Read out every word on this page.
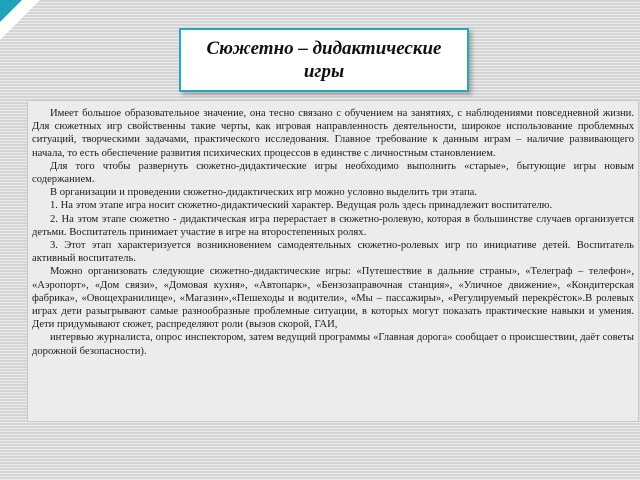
Сюжетно – дидактические
игры

Имеет большое образовательное значение, она тесно связано с обучением на занятиях, с наблюдениями повседневной жизни. Для сюжетных игр свойственны такие черты, как игровая направленность деятельности, широкое использование проблемных ситуаций, творческими задачами, практического исследования. Главное требование к данным играм – наличие развивающего начала, то есть обеспечение развития психических процессов в единстве с личностным становлением.

Для того чтобы развернуть сюжетно-дидактические игры необходимо выполнить «старые», бытующие игры новым содержанием.

В организации и проведении сюжетно-дидактических игр можно условно выделить три этапа.

1. На этом этапе игра носит сюжетно-дидактический характер. Ведущая роль здесь принадлежит воспитателю.

2. На этом этапе сюжетно - дидактическая игра перерастает в сюжетно-ролевую, которая в большинстве случаев организуется детьми. Воспитатель принимает участие в игре на второстепенных ролях.

3. Этот этап характеризуется возникновением самодеятельных сюжетно-ролевых игр по инициативе детей. Воспитатель активный воспитатель.

Можно организовать следующие сюжетно-дидактические игры: «Путешествие в дальние страны», «Телеграф – телефон», «Аэропорт», «Дом связи», «Домовая кухня», «Автопарк», «Бензозаправочная станция», «Уличное движение», «Кондитерская фабрика», «Овощехранилище», «Магазин»,«Пешеходы и водители», «Мы – пассажиры», «Регулируемый перекрёсток».В ролевых играх дети разыгрывают самые разнообразные проблемные ситуации, в которых могут показать практические навыки и умения. Дети придумывают сюжет, распределяют роли (вызов скорой, ГАИ,

интервью журналиста, опрос инспектором, затем ведущий программы «Главная дорога» сообщает о происшествии, даёт советы дорожной безопасности).
